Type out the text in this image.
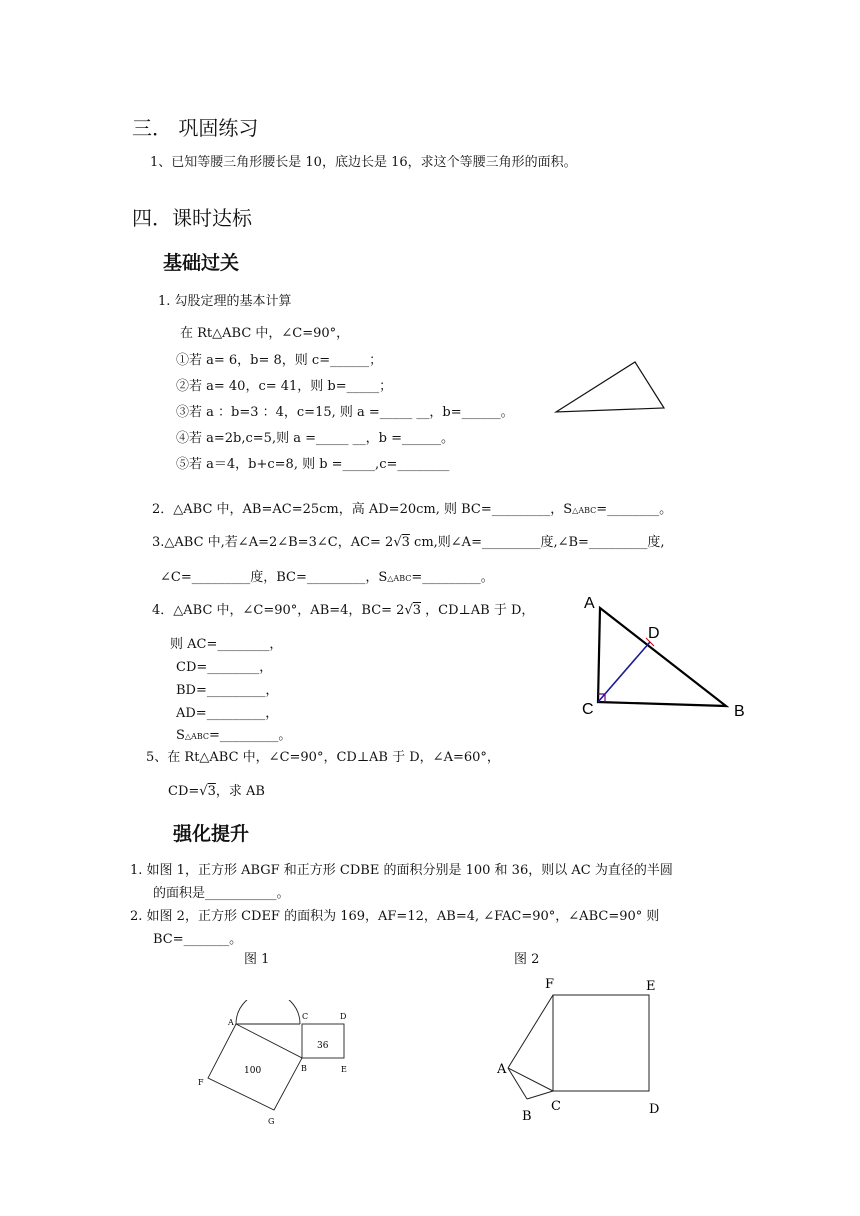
三． 巩固练习
1、已知等腰三角形腰长是 10，底边长是 16，求这个等腰三角形的面积。
四．课时达标
基础过关
1. 勾股定理的基本计算
在 Rt△ABC 中，∠C=90°，
①若 a= 6，b= 8，则 c=______；
②若 a= 40，c= 41，则 b=_____；
③若 a ：b=3 ：4，c=15, 则 a =_____ __，b=______。
④若 a=2b,c=5,则 a =_____ __，b =______。
⑤若 a＝4，b+c=8, 则 b =_____,c=________
2．△ABC 中，AB=AC=25cm，高 AD=20cm, 则 BC=_________，S△ABC=________。
3.△ABC 中,若∠A=2∠B=3∠C，AC= 2√3 cm,则∠A=_________度,∠B=_________度,
∠C=_________度，BC=_________，S△ABC=_________。
4．△ABC 中，∠C=90°，AB=4，BC= 2√3 ，CD⊥AB 于 D，
则 AC=________，
CD=________，
BD=_________，
AD=_________，
S△ABC=_________。
A
D
C	B
5、在 Rt△ABC 中，∠C=90°，CD⊥AB 于 D，∠A=60°，
CD=√3，求 AB
强化提升
1. 如图 1，正方形 ABGF 和正方形 CDBE 的面积分别是 100 和 36，则以 AC 为直径的半圆
的面积是___________。
2. 如图 2，正方形 CDEF 的面积为 169，AF=12，AB=4, ∠FAC=90°，∠ABC=90° 则
BC=_______。
图 1	图 2
A
C	D
B	E
F
G
100
36
F	E
A
C	D
B
